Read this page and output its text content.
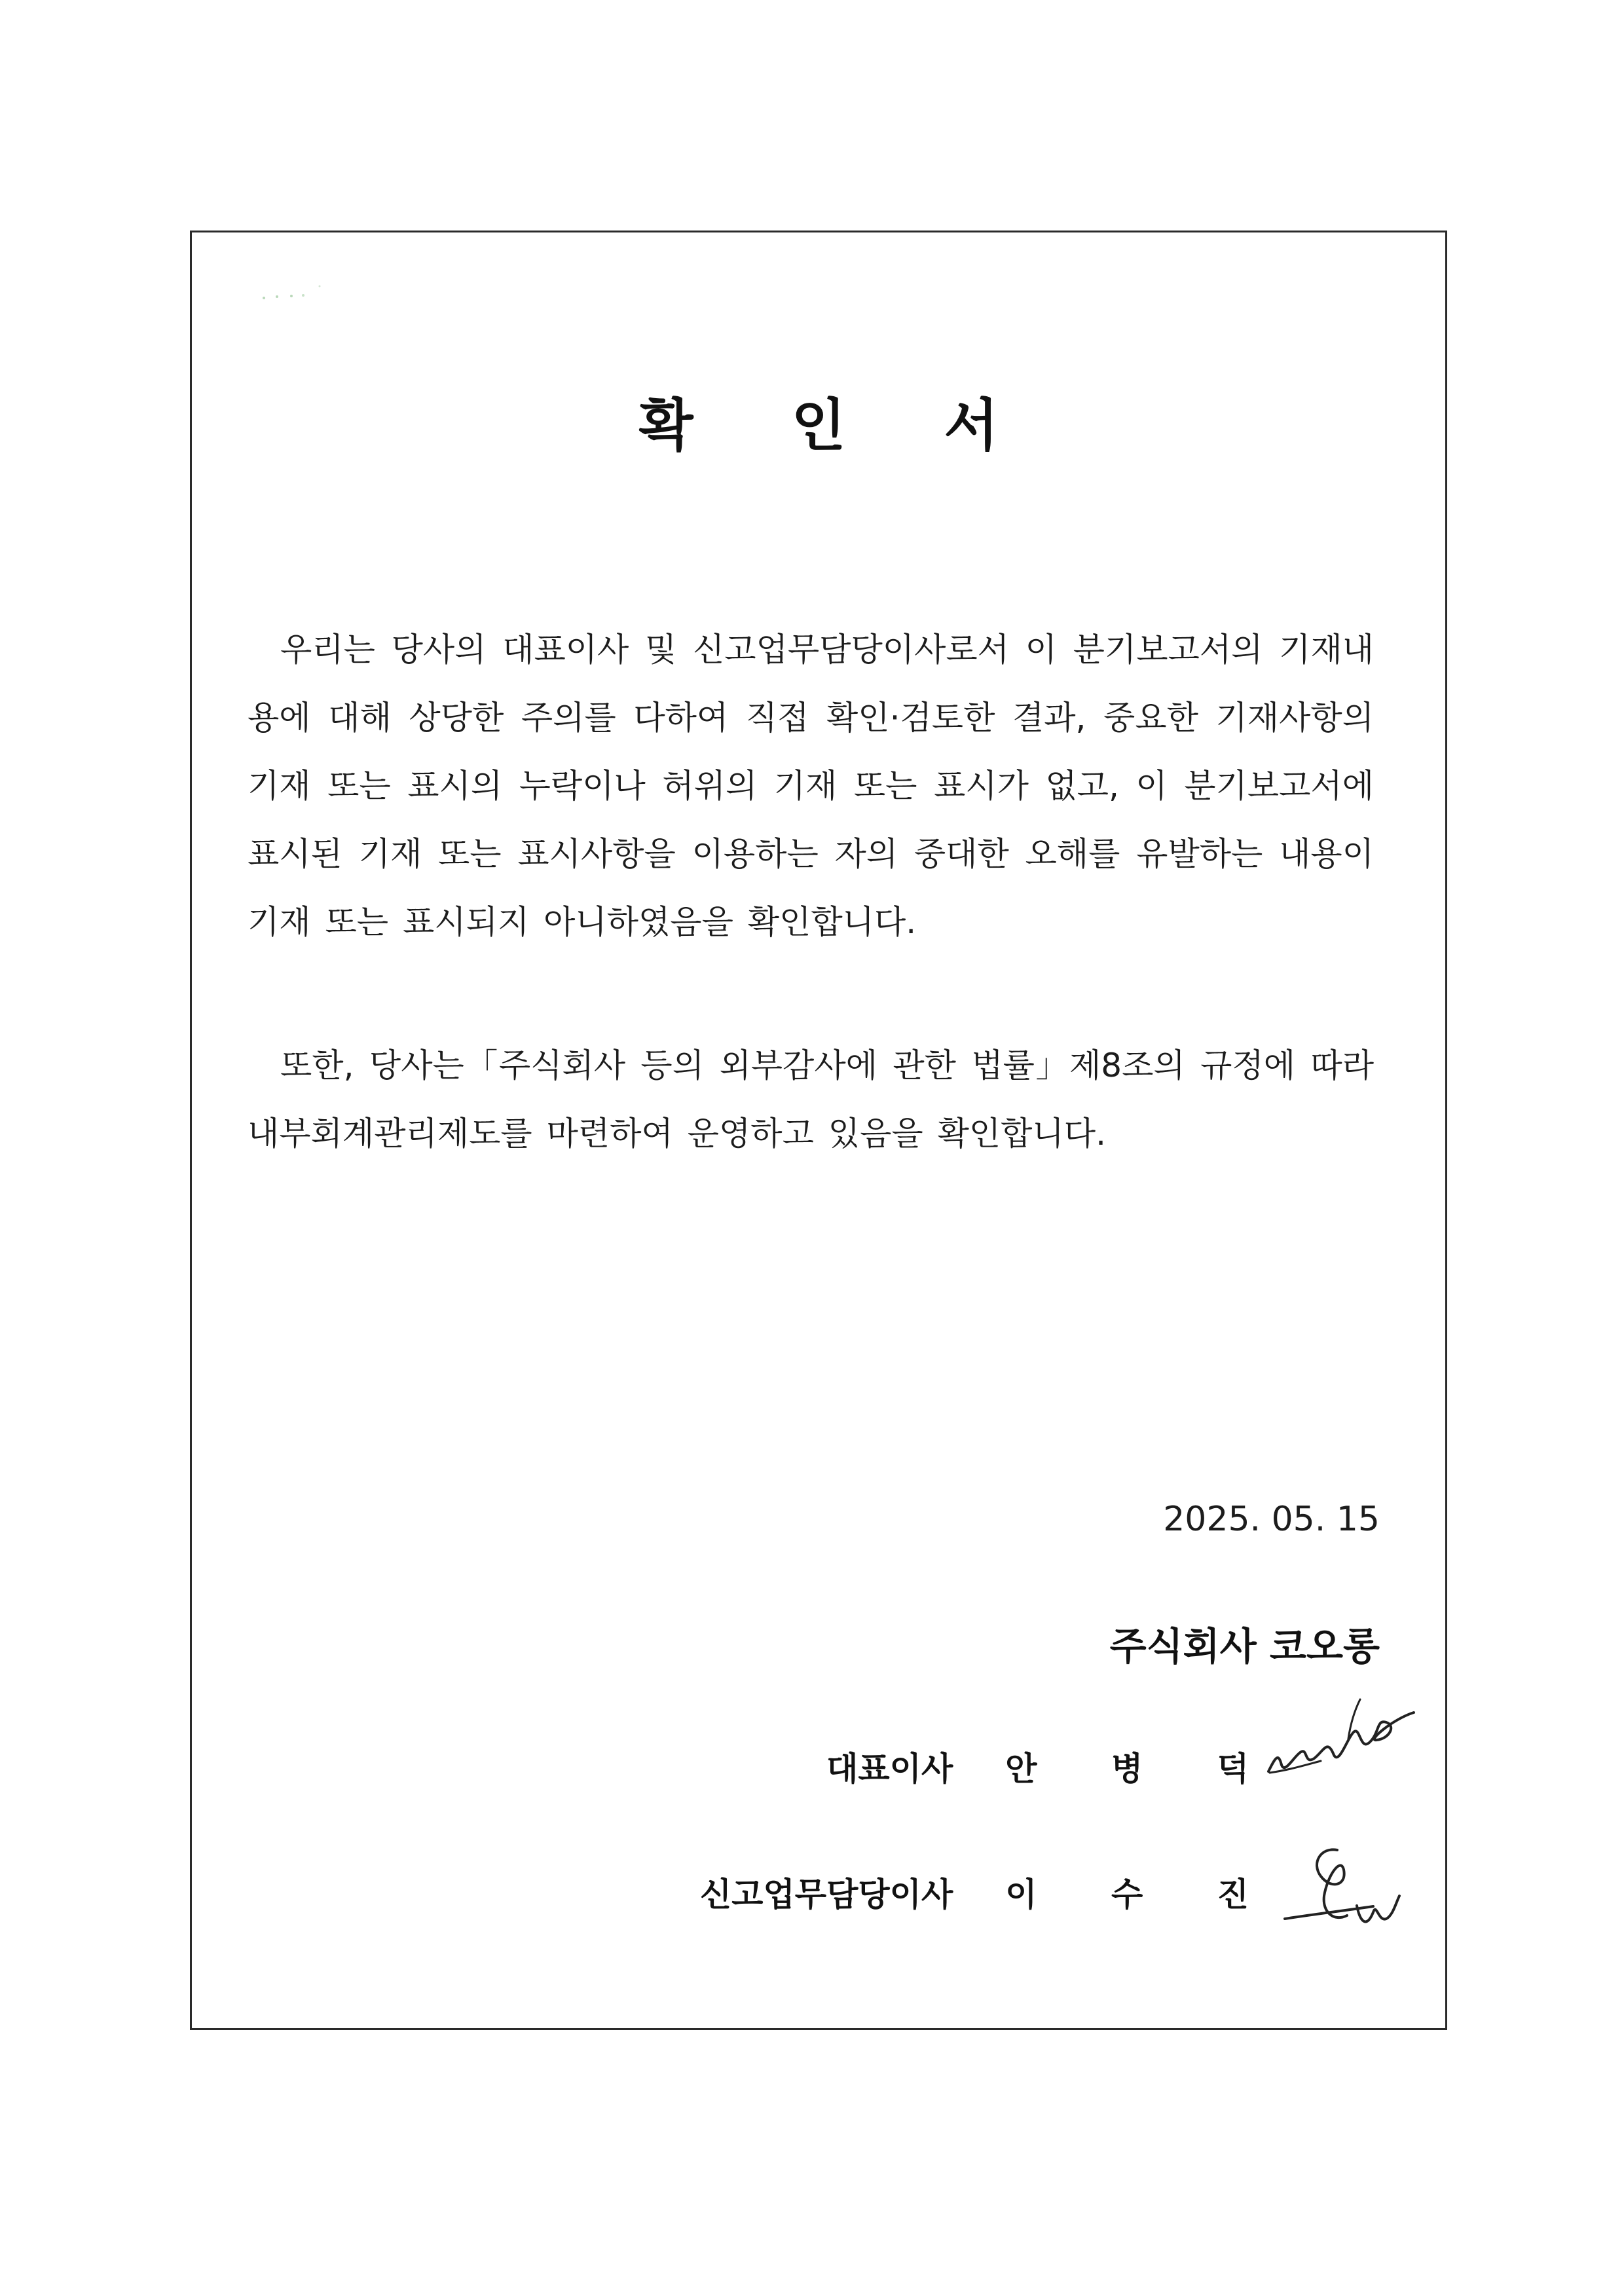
확 인 서

우리는 당사의 대표이사 및 신고업무담당이사로서 이 분기보고서의 기재내용에 대해 상당한 주의를 다하여 직접 확인·검토한 결과, 중요한 기재사항의 기재 또는 표시의 누락이나 허위의 기재 또는 표시가 없고, 이 분기보고서에 표시된 기재 또는 표시사항을 이용하는 자의 중대한 오해를 유발하는 내용이 기재 또는 표시되지 아니하였음을 확인합니다.

또한, 당사는「주식회사 등의 외부감사에 관한 법률」제8조의 규정에 따라 내부회계관리제도를 마련하여 운영하고 있음을 확인합니다.

2025. 05. 15
주식회사 코오롱
대표이사 안 병 덕
신고업무담당이사 이 수 진
